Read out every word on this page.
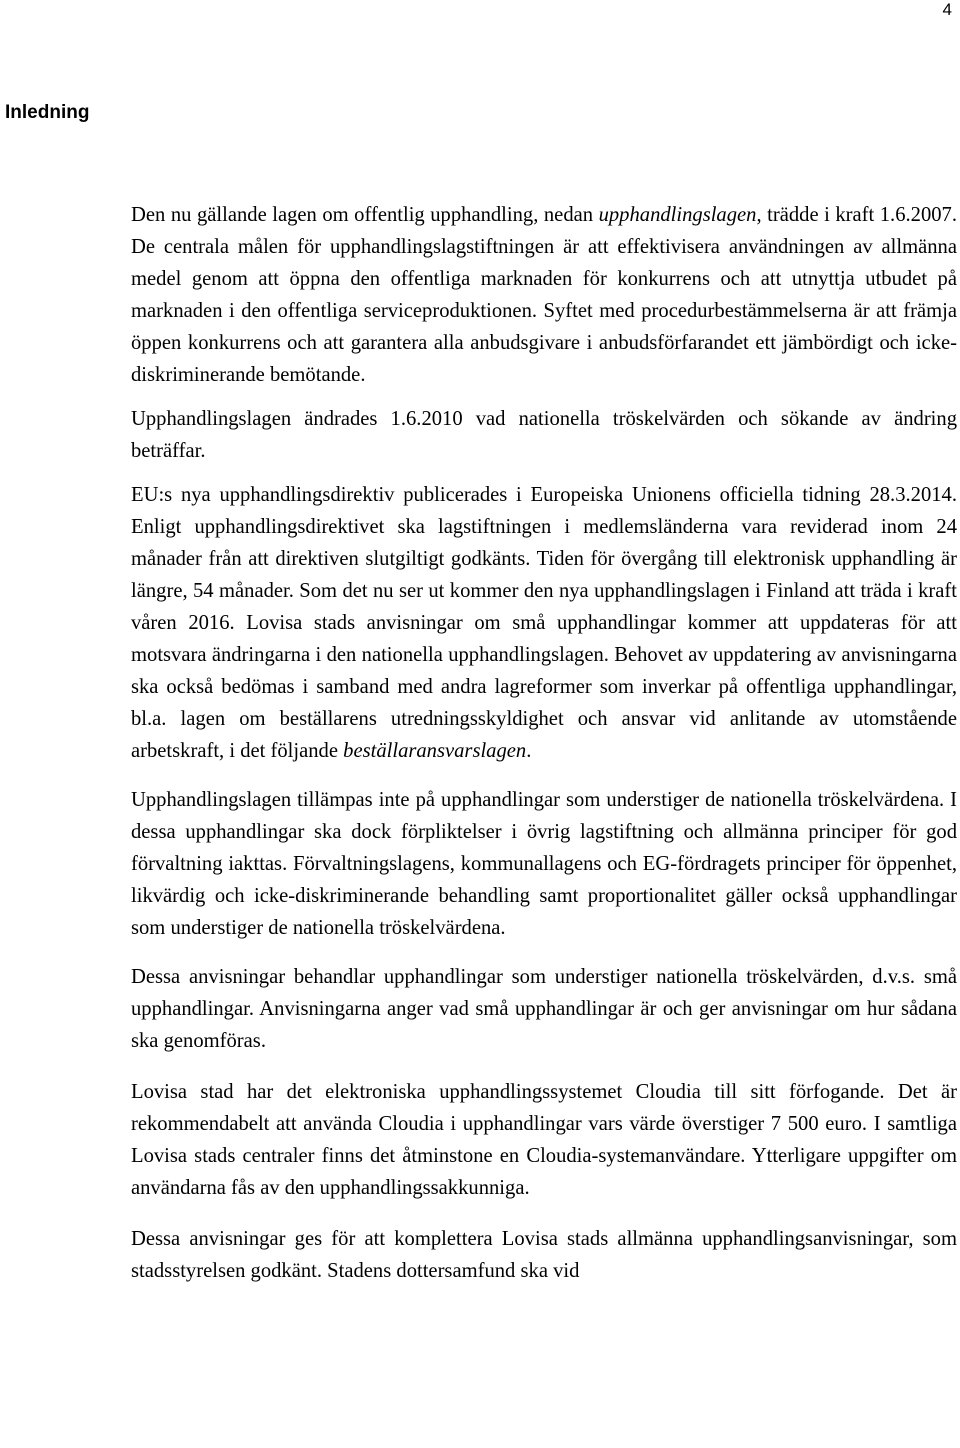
4
Inledning

Den nu gällande lagen om offentlig upphandling, nedan upphandlingslagen, trädde i kraft 1.6.2007. De centrala målen för upphandlingslagstiftningen är att effektivisera användningen av allmänna medel genom att öppna den offentliga marknaden för konkurrens och att utnyttja utbudet på marknaden i den offentliga serviceproduktionen. Syftet med procedurbestämmelserna är att främja öppen konkurrens och att garantera alla anbudsgivare i anbudsförfarandet ett jämbördigt och icke-diskriminerande bemötande.

Upphandlingslagen ändrades 1.6.2010 vad nationella tröskelvärden och sökande av ändring beträffar.

EU:s nya upphandlingsdirektiv publicerades i Europeiska Unionens officiella tidning 28.3.2014. Enligt upphandlingsdirektivet ska lagstiftningen i medlemsländerna vara reviderad inom 24 månader från att direktiven slutgiltigt godkänts. Tiden för övergång till elektronisk upphandling är längre, 54 månader. Som det nu ser ut kommer den nya upphandlingslagen i Finland att träda i kraft våren 2016. Lovisa stads anvisningar om små upphandlingar kommer att uppdateras för att motsvara ändringarna i den nationella upphandlingslagen. Behovet av uppdatering av anvisningarna ska också bedömas i samband med andra lagreformer som inverkar på offentliga upphandlingar, bl.a. lagen om beställarens utredningsskyldighet och ansvar vid anlitande av utomstående arbetskraft, i det följande beställaransvarslagen.

Upphandlingslagen tillämpas inte på upphandlingar som understiger de nationella tröskelvärdena. I dessa upphandlingar ska dock förpliktelser i övrig lagstiftning och allmänna principer för god förvaltning iakttas. Förvaltningslagens, kommunallagens och EG-fördragets principer för öppenhet, likvärdig och icke-diskriminerande behandling samt proportionalitet gäller också upphandlingar som understiger de nationella tröskelvärdena.

Dessa anvisningar behandlar upphandlingar som understiger nationella tröskelvärden, d.v.s. små upphandlingar. Anvisningarna anger vad små upphandlingar är och ger anvisningar om hur sådana ska genomföras.

Lovisa stad har det elektroniska upphandlingssystemet Cloudia till sitt förfogande. Det är rekommendabelt att använda Cloudia i upphandlingar vars värde överstiger 7 500 euro. I samtliga Lovisa stads centraler finns det åtminstone en Cloudia-systemanvändare. Ytterligare uppgifter om användarna fås av den upphandlingssakkunniga.

Dessa anvisningar ges för att komplettera Lovisa stads allmänna upphandlingsanvisningar, som stadsstyrelsen godkänt. Stadens dottersamfund ska vid
